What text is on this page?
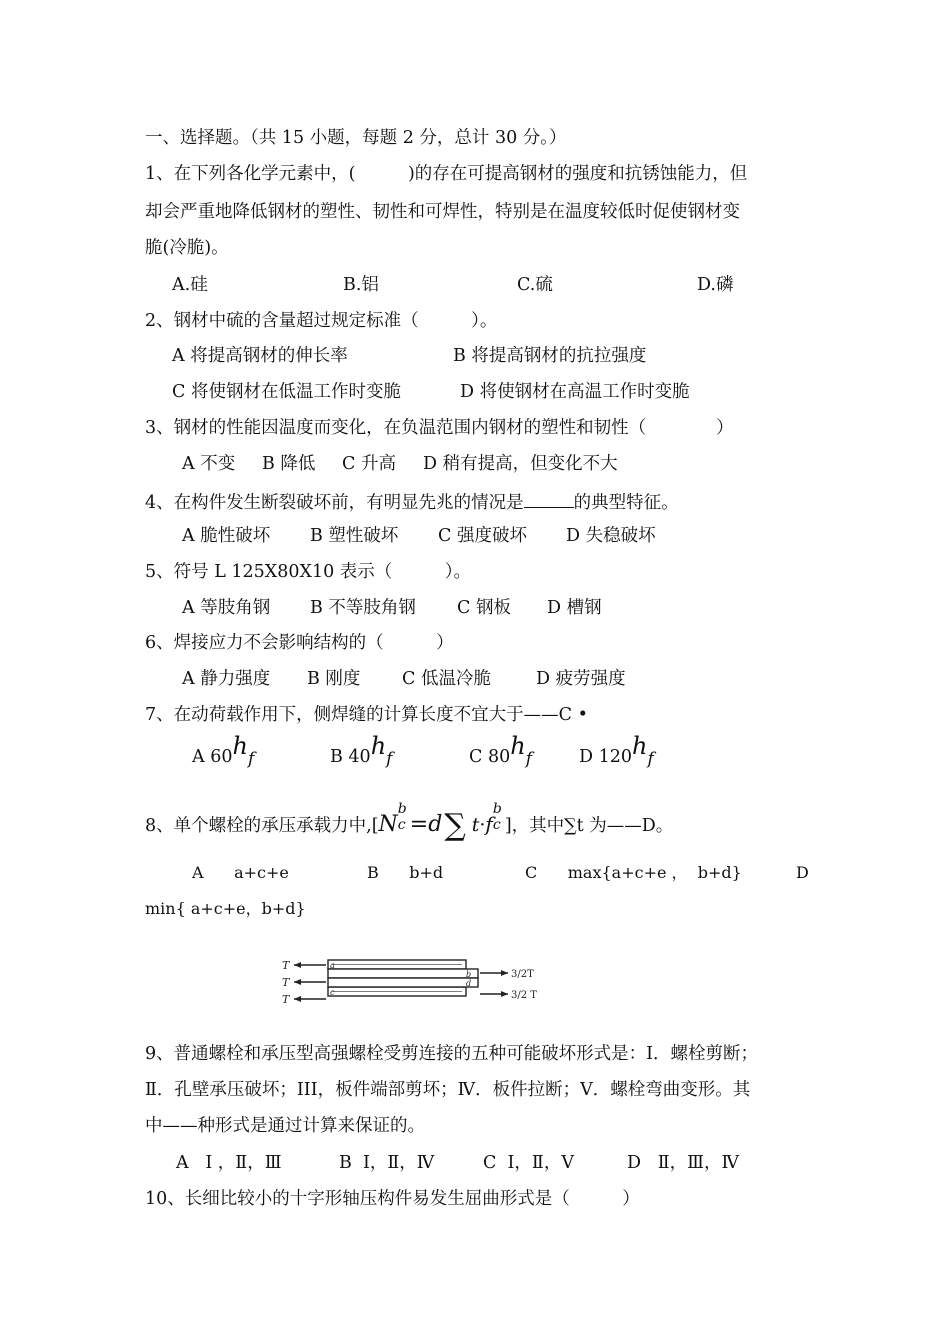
一、选择题。（共 15 小题，每题 2 分，总计 30 分。）
1、在下列各化学元素中，(　　　)的存在可提高钢材的强度和抗锈蚀能力，但
却会严重地降低钢材的塑性、韧性和可焊性，特别是在温度较低时促使钢材变
脆(冷脆)。
A.硅	B.铝	C.硫	D.磷
2、钢材中硫的含量超过规定标准（　　　）。
A 将提高钢材的伸长率	B 将提高钢材的抗拉强度
C 将使钢材在低温工作时变脆	D 将使钢材在高温工作时变脆
3、钢材的性能因温度而变化，在负温范围内钢材的塑性和韧性（　　　　）
A 不变 B 降低 C 升高 D 稍有提高，但变化不大
4、在构件发生断裂破坏前，有明显先兆的情况是	的典型特征。
A 脆性破坏 B 塑性破坏 C 强度破坏 D 失稳破坏
5、符号 L 125X80X10 表示（　　　）。
A 等肢角钢 B 不等肢角钢 C 钢板 D 槽钢
6、焊接应力不会影响结构的（　　　）
A 静力强度 B 刚度 C 低温冷脆	D 疲劳强度
7、在动荷载作用下，侧焊缝的计算长度不宜大于——C •
A 60hf	B 40hf	C 80hf	D 120hf
8、单个螺栓的承压承载力中,[N
b
c =d∑ t·f
b
c ]，其中∑t 为——D。
A      a+c+e	B      b+d	C      max{a+c+e ，  b+d}	D
min{ a+c+e，b+d}
T
T
T
a
b
c
d
3/2T
3/2 T
9、普通螺栓和承压型高强螺栓受剪连接的五种可能破坏形式是：I．螺栓剪断；
Ⅱ．孔壁承压破坏；III，板件端部剪坏；Ⅳ．板件拉断；V．螺栓弯曲变形。其
中——种形式是通过计算来保证的。
A   Ⅰ ，Ⅱ，Ⅲ	B  Ⅰ，Ⅱ，Ⅳ	C  Ⅰ，Ⅱ，Ⅴ	D   Ⅱ，Ⅲ，Ⅳ
10、长细比较小的十字形轴压构件易发生屈曲形式是（　　　）
